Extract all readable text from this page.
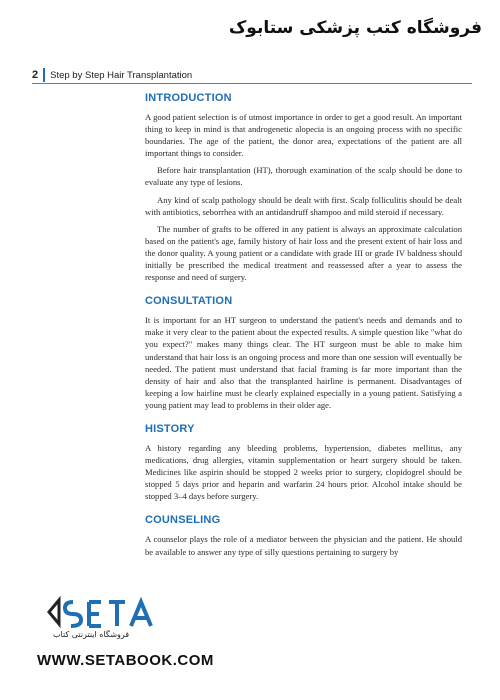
فروشگاه کتب پزشکی ستابوک
2	Step by Step Hair Transplantation
INTRODUCTION

A good patient selection is of utmost importance in order to get a good result. An important thing to keep in mind is that androgenetic alopecia is an ongoing process with no specific boundaries. The age of the patient, the donor area, expectations of the patient are all important things to consider.

Before hair transplantation (HT), thorough examination of the scalp should be done to evaluate any type of lesions.

Any kind of scalp pathology should be dealt with first. Scalp folliculitis should be dealt with antibiotics, seborrhea with an antidandruff shampoo and mild steroid if necessary.

The number of grafts to be offered in any patient is always an approximate calculation based on the patient's age, family history of hair loss and the present extent of hair loss and the donor quality. A young patient or a candidate with grade III or grade IV baldness should initially be prescribed the medical treatment and reassessed after a year to assess the response and need of surgery.

CONSULTATION

It is important for an HT surgeon to understand the patient's needs and demands and to make it very clear to the patient about the expected results. A simple question like "what do you expect?" makes many things clear. The HT surgeon must be able to make him understand that hair loss is an ongoing process and more than one session will eventually be needed. The patient must understand that facial framing is far more important than the density of hair and also that the transplanted hairline is permanent. Disadvantages of keeping a low hairline must be clearly explained especially in a young patient. Satisfying a young patient may lead to problems in their older age.

HISTORY

A history regarding any bleeding problems, hypertension, diabetes mellitus, any medications, drug allergies, vitamin supplementation or heart surgery should be taken. Medicines like aspirin should be stopped 2 weeks prior to surgery, clopidogrel should be stopped 5 days prior and heparin and warfarin 24 hours prior. Alcohol intake should be stopped 3–4 days before surgery.

COUNSELING

A counselor plays the role of a mediator between the physician and the patient. He should be available to answer any type of silly questions pertaining to surgery by

فروشگاه اینترنتی کتاب
WWW.SETABOOK.COM
